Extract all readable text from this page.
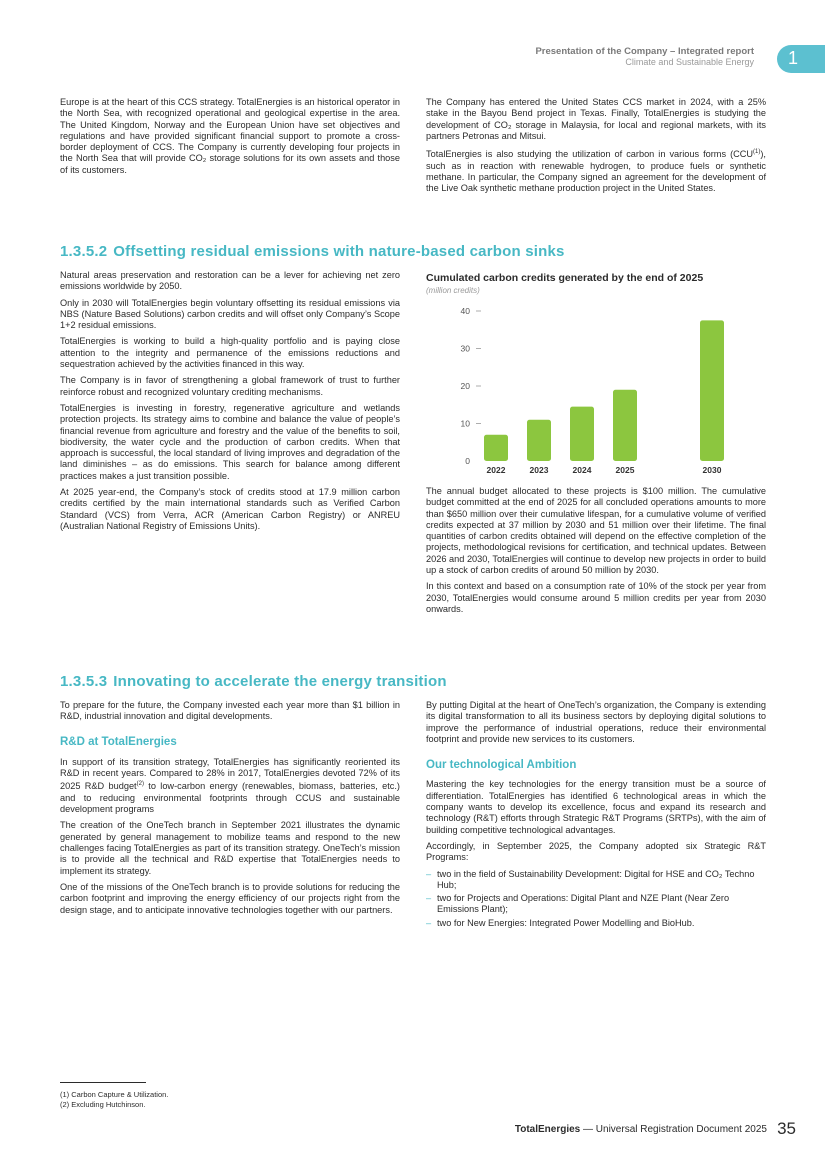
Presentation of the Company – Integrated report
Climate and Sustainable Energy 1

Europe is at the heart of this CCS strategy. TotalEnergies is an historical operator in the North Sea, with recognized operational and geological expertise in the area. The United Kingdom, Norway and the European Union have set objectives and regulations and have provided significant financial support to promote a cross-border deployment of CCS. The Company is currently developing four projects in the North Sea that will provide CO₂ storage solutions for its own assets and those of its customers.

The Company has entered the United States CCS market in 2024, with a 25% stake in the Bayou Bend project in Texas. Finally, TotalEnergies is studying the development of CO₂ storage in Malaysia, for local and regional markets, with its partners Petronas and Mitsui.

TotalEnergies is also studying the utilization of carbon in various forms (CCU$^{(1)}$), such as in reaction with renewable hydrogen, to produce fuels or synthetic methane. In particular, the Company signed an agreement for the development of the Live Oak synthetic methane production project in the United States.

1.3.5.2 Offsetting residual emissions with nature-based carbon sinks

Natural areas preservation and restoration can be a lever for achieving net zero emissions worldwide by 2050.

Only in 2030 will TotalEnergies begin voluntary offsetting its residual emissions via NBS (Nature Based Solutions) carbon credits and will offset only Company’s Scope 1+2 residual emissions.

TotalEnergies is working to build a high-quality portfolio and is paying close attention to the integrity and permanence of the emissions reductions and sequestration achieved by the activities financed in this way.

The Company is in favor of strengthening a global framework of trust to further reinforce robust and recognized voluntary crediting mechanisms.

TotalEnergies is investing in forestry, regenerative agriculture and wetlands protection projects. Its strategy aims to combine and balance the value of people’s financial revenue from agriculture and forestry and the value of the benefits to soil, biodiversity, the water cycle and the production of carbon credits. When that approach is successful, the local standard of living improves and degradation of the land diminishes – as do emissions. This search for balance among different practices makes a just transition possible.

At 2025 year-end, the Company’s stock of credits stood at 17.9 million carbon credits certified by the main international standards such as Verified Carbon Standard (VCS) from Verra, ACR (American Carbon Registry) or ANREU (Australian National Registry of Emissions Units).

Cumulated carbon credits generated by the end of 2025
(million credits)
0
10
20
30
40
2022	2023	2024	2025	2030

The annual budget allocated to these projects is $100 million. The cumulative budget committed at the end of 2025 for all concluded operations amounts to more than $650 million over their cumulative lifespan, for a cumulative volume of verified credits expected at 37 million by 2030 and 51 million over their lifetime. The final quantities of carbon credits obtained will depend on the effective completion of the projects, methodological revisions for certification, and technical updates. Between 2026 and 2030, TotalEnergies will continue to develop new projects in order to build up a stock of carbon credits of around 50 million by 2030.

In this context and based on a consumption rate of 10% of the stock per year from 2030, TotalEnergies would consume around 5 million credits per year from 2030 onwards.

1.3.5.3 Innovating to accelerate the energy transition

To prepare for the future, the Company invested each year more than $1 billion in R&D, industrial innovation and digital developments.

R&D at TotalEnergies

In support of its transition strategy, TotalEnergies has significantly reoriented its R&D in recent years. Compared to 28% in 2017, TotalEnergies devoted 72% of its 2025 R&D budget$^{(2)}$ to low-carbon energy (renewables, biomass, batteries, etc.) and to reducing environmental footprints through CCUS and sustainable development programs

The creation of the OneTech branch in September 2021 illustrates the dynamic generated by general management to mobilize teams and respond to the new challenges facing TotalEnergies as part of its transition strategy. OneTech’s mission is to provide all the technical and R&D expertise that TotalEnergies needs to implement its strategy.

One of the missions of the OneTech branch is to provide solutions for reducing the carbon footprint and improving the energy efficiency of our projects right from the design stage, and to anticipate innovative technologies together with our partners.

By putting Digital at the heart of OneTech’s organization, the Company is extending its digital transformation to all its business sectors by deploying digital solutions to improve the performance of industrial operations, reduce their environmental footprint and provide new services to its customers.

Our technological Ambition

Mastering the key technologies for the energy transition must be a source of differentiation. TotalEnergies has identified 6 technological areas in which the company wants to develop its excellence, focus and expand its research and technology (R&T) efforts through Strategic R&T Programs (SRTPs), with the aim of building competitive technological advantages.

Accordingly, in September 2025, the Company adopted six Strategic R&T Programs:

– two in the field of Sustainability Development: Digital for HSE and CO₂ Techno Hub;
– two for Projects and Operations: Digital Plant and NZE Plant (Near Zero Emissions Plant);
– two for New Energies: Integrated Power Modelling and BioHub.
(1) Carbon Capture & Utilization.
(2) Excluding Hutchinson.
TotalEnergies — Universal Registration Document 2025 35
